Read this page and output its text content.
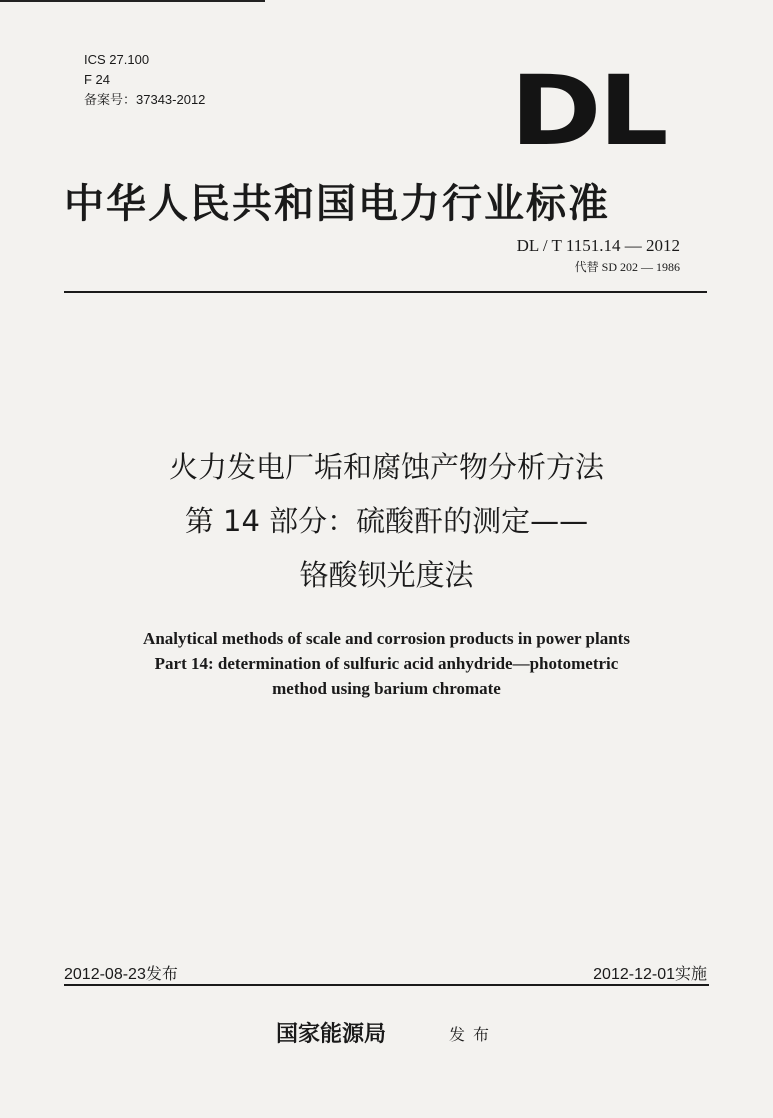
ICS 27.100
F 24
备案号：37343-2012	DL
中华人民共和国电力行业标准
DL / T 1151.14 — 2012
代替 SD 202 — 1986
火力发电厂垢和腐蚀产物分析方法
第 14 部分：硫酸酐的测定——
铬酸钡光度法
Analytical methods of scale and corrosion products in power plants
Part 14: determination of sulfuric acid anhydride—photometric
method using barium chromate
2012-08-23发布	2012-12-01实施
国家能源局	发布
